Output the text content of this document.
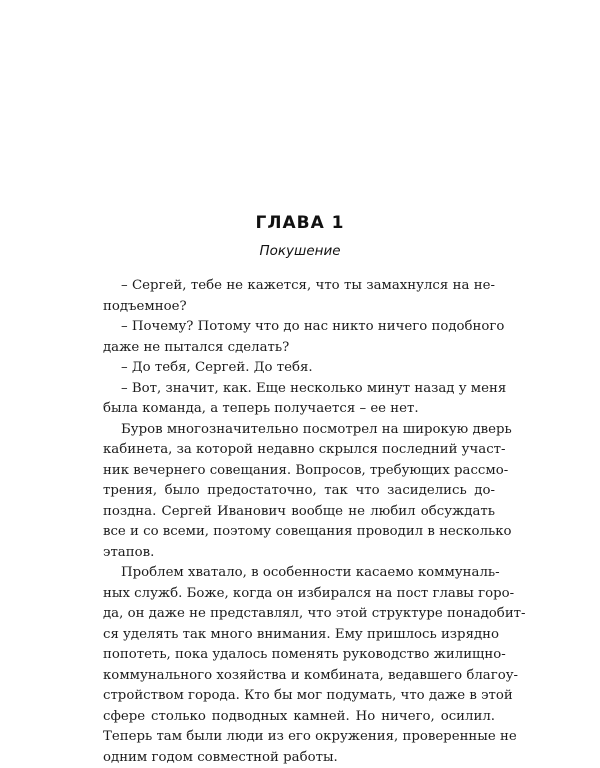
ГЛАВА 1
Покушение
– Сергей, тебе не кажется, что ты замахнулся на не-
подъемное?
– Почему? Потому что до нас никто ничего подобного
даже не пытался сделать?
– До тебя, Сергей. До тебя.
– Вот, значит, как. Еще несколько минут назад у меня
была команда, а теперь получается – ее нет.
Буров многозначительно посмотрел на широкую дверь
кабинета, за которой недавно скрылся последний участ-
ник вечернего совещания. Вопросов, требующих рассмо-
трения, было предостаточно, так что засиделись до-
поздна. Сергей Иванович вообще не любил обсуждать
все и со всеми, поэтому совещания проводил в несколько
этапов.
Проблем хватало, в особенности касаемо коммуналь-
ных служб. Боже, когда он избирался на пост главы горо-
да, он даже не представлял, что этой структуре понадобит-
ся уделять так много внимания. Ему пришлось изрядно
попотеть, пока удалось поменять руководство жилищно-
коммунального хозяйства и комбината, ведавшего благоу-
стройством города. Кто бы мог подумать, что даже в этой
сфере столько подводных камней. Но ничего, осилил.
Теперь там были люди из его окружения, проверенные не
одним годом совместной работы.
